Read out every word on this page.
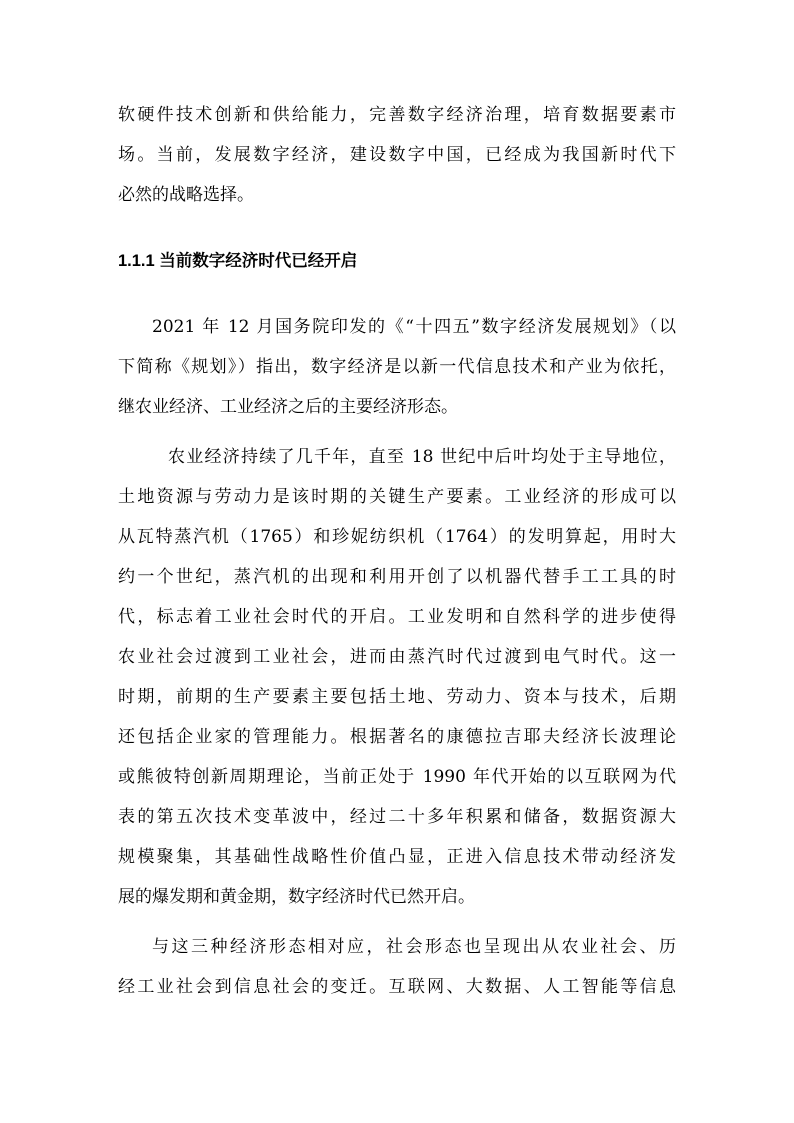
软硬件技术创新和供给能力，完善数字经济治理，培育数据要素市
场。当前，发展数字经济，建设数字中国，已经成为我国新时代下
必然的战略选择。
1.1.1 当前数字经济时代已经开启
2021 年 12 月国务院印发的《“十四五”数字经济发展规划》（以
下简称《规划》）指出，数字经济是以新一代信息技术和产业为依托，
继农业经济、工业经济之后的主要经济形态。
农业经济持续了几千年，直至 18 世纪中后叶均处于主导地位，
土地资源与劳动力是该时期的关键生产要素。工业经济的形成可以
从瓦特蒸汽机（1765）和珍妮纺织机（1764）的发明算起，用时大
约一个世纪，蒸汽机的出现和利用开创了以机器代替手工工具的时
代，标志着工业社会时代的开启。工业发明和自然科学的进步使得
农业社会过渡到工业社会，进而由蒸汽时代过渡到电气时代。这一
时期，前期的生产要素主要包括土地、劳动力、资本与技术，后期
还包括企业家的管理能力。根据著名的康德拉吉耶夫经济长波理论
或熊彼特创新周期理论，当前正处于 1990 年代开始的以互联网为代
表的第五次技术变革波中，经过二十多年积累和储备，数据资源大
规模聚集，其基础性战略性价值凸显，正进入信息技术带动经济发
展的爆发期和黄金期，数字经济时代已然开启。
与这三种经济形态相对应，社会形态也呈现出从农业社会、历
经工业社会到信息社会的变迁。互联网、大数据、人工智能等信息
